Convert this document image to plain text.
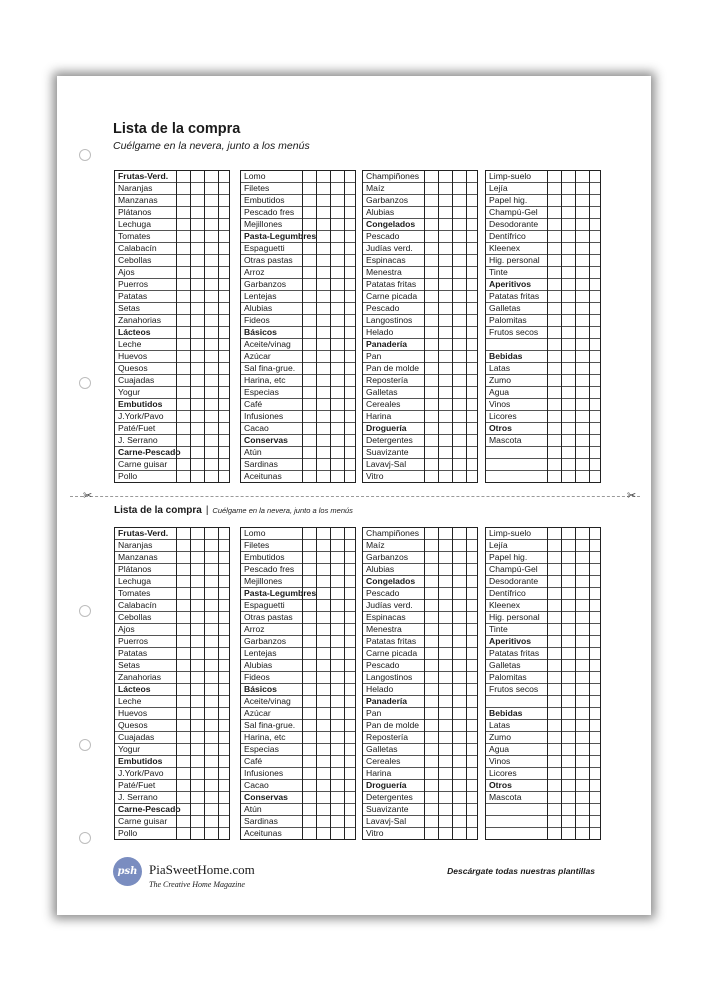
Lista de la compra
Cuélgame en la nevera, junto a los menús
✂	✂
Lista de la compra | Cuélgame en la nevera, junto a los menús
Frutas-Verd.
Naranjas
Manzanas
Plátanos
Lechuga
Tomates
Calabacín
Cebollas
Ajos
Puerros
Patatas
Setas
Zanahorias
Lácteos
Leche
Huevos
Quesos
Cuajadas
Yogur
Embutidos
J.York/Pavo
Paté/Fuet
J. Serrano
Carne-Pescado
Carne guisar
Pollo
Lomo
Filetes
Embutidos
Pescado fres
Mejillones
Pasta-Legumbres
Espaguetti
Otras pastas
Arroz
Garbanzos
Lentejas
Alubias
Fideos
Básicos
Aceite/vinag
Azúcar
Sal fina-grue.
Harina, etc
Especias
Café
Infusiones
Cacao
Conservas
Atún
Sardinas
Aceitunas
Champiñones
Maíz
Garbanzos
Alubias
Congelados
Pescado
Judías verd.
Espinacas
Menestra
Patatas fritas
Carne picada
Pescado
Langostinos
Helado
Panadería
Pan
Pan de molde
Repostería
Galletas
Cereales
Harina
Droguería
Detergentes
Suavizante
Lavavj-Sal
Vitro
Limp-suelo
Lejía
Papel hig.
Champú-Gel
Desodorante
Dentífrico
Kleenex
Hig. personal
Tinte
Aperitivos
Patatas fritas
Galletas
Palomitas
Frutos secos
Bebidas
Latas
Zumo
Agua
Vinos
Licores
Otros
Mascota
Frutas-Verd.
Naranjas
Manzanas
Plátanos
Lechuga
Tomates
Calabacín
Cebollas
Ajos
Puerros
Patatas
Setas
Zanahorias
Lácteos
Leche
Huevos
Quesos
Cuajadas
Yogur
Embutidos
J.York/Pavo
Paté/Fuet
J. Serrano
Carne-Pescado
Carne guisar
Pollo
Lomo
Filetes
Embutidos
Pescado fres
Mejillones
Pasta-Legumbres
Espaguetti
Otras pastas
Arroz
Garbanzos
Lentejas
Alubias
Fideos
Básicos
Aceite/vinag
Azúcar
Sal fina-grue.
Harina, etc
Especias
Café
Infusiones
Cacao
Conservas
Atún
Sardinas
Aceitunas
Champiñones
Maíz
Garbanzos
Alubias
Congelados
Pescado
Judías verd.
Espinacas
Menestra
Patatas fritas
Carne picada
Pescado
Langostinos
Helado
Panadería
Pan
Pan de molde
Repostería
Galletas
Cereales
Harina
Droguería
Detergentes
Suavizante
Lavavj-Sal
Vitro
Limp-suelo
Lejía
Papel hig.
Champú-Gel
Desodorante
Dentífrico
Kleenex
Hig. personal
Tinte
Aperitivos
Patatas fritas
Galletas
Palomitas
Frutos secos
Bebidas
Latas
Zumo
Agua
Vinos
Licores
Otros
Mascota
psh PiaSweetHome.com
The Creative Home Magazine
Descárgate todas nuestras plantillas
